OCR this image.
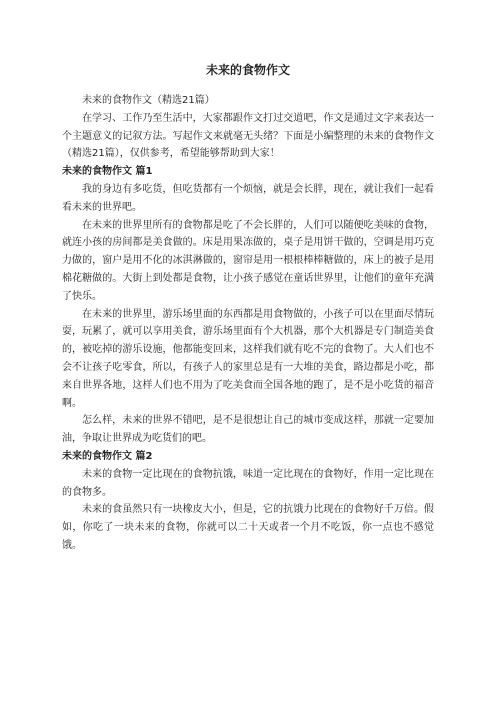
未来的食物作文

未来的食物作文（精选21篇）

在学习、工作乃至生活中，大家都跟作文打过交道吧，作文是通过文字来表达一个主题意义的记叙方法。写起作文来就毫无头绪？下面是小编整理的未来的食物作文（精选21篇），仅供参考，希望能够帮助到大家！

未来的食物作文 篇1

我的身边有多吃货，但吃货都有一个烦恼，就是会长胖，现在，就让我们一起看看未来的世界吧。

在未来的世界里所有的食物都是吃了不会长胖的，人们可以随便吃美味的食物，就连小孩的房间都是美食做的。床是用果冻做的，桌子是用饼干做的，空调是用巧克力做的，窗户是用不化的冰淇淋做的，窗帘是用一根根棒棒糖做的，床上的被子是用棉花糖做的。大街上到处都是食物，让小孩子感觉在童话世界里，让他们的童年充满了快乐。

在未来的世界里，游乐场里面的东西都是用食物做的，小孩子可以在里面尽情玩耍，玩累了，就可以享用美食，游乐场里面有个大机器，那个大机器是专门制造美食的，被吃掉的游乐设施，他都能变回来，这样我们就有吃不完的食物了。大人们也不会不让孩子吃零食，所以，有孩子人的家里总是有一大堆的美食，路边都是小吃，都来自世界各地，这样人们也不用为了吃美食而全国各地的跑了，是不是小吃货的福音啊。

怎么样，未来的世界不错吧，是不是很想让自己的城市变成这样，那就一定要加油，争取让世界成为吃货们的吧。

未来的食物作文 篇2

未来的食物一定比现在的食物抗饿，味道一定比现在的食物好，作用一定比现在的食物多。

未来的食虽然只有一块橡皮大小，但是，它的抗饿力比现在的食物好千万倍。假如，你吃了一块未来的食物，你就可以二十天或者一个月不吃饭，你一点也不感觉饿。
